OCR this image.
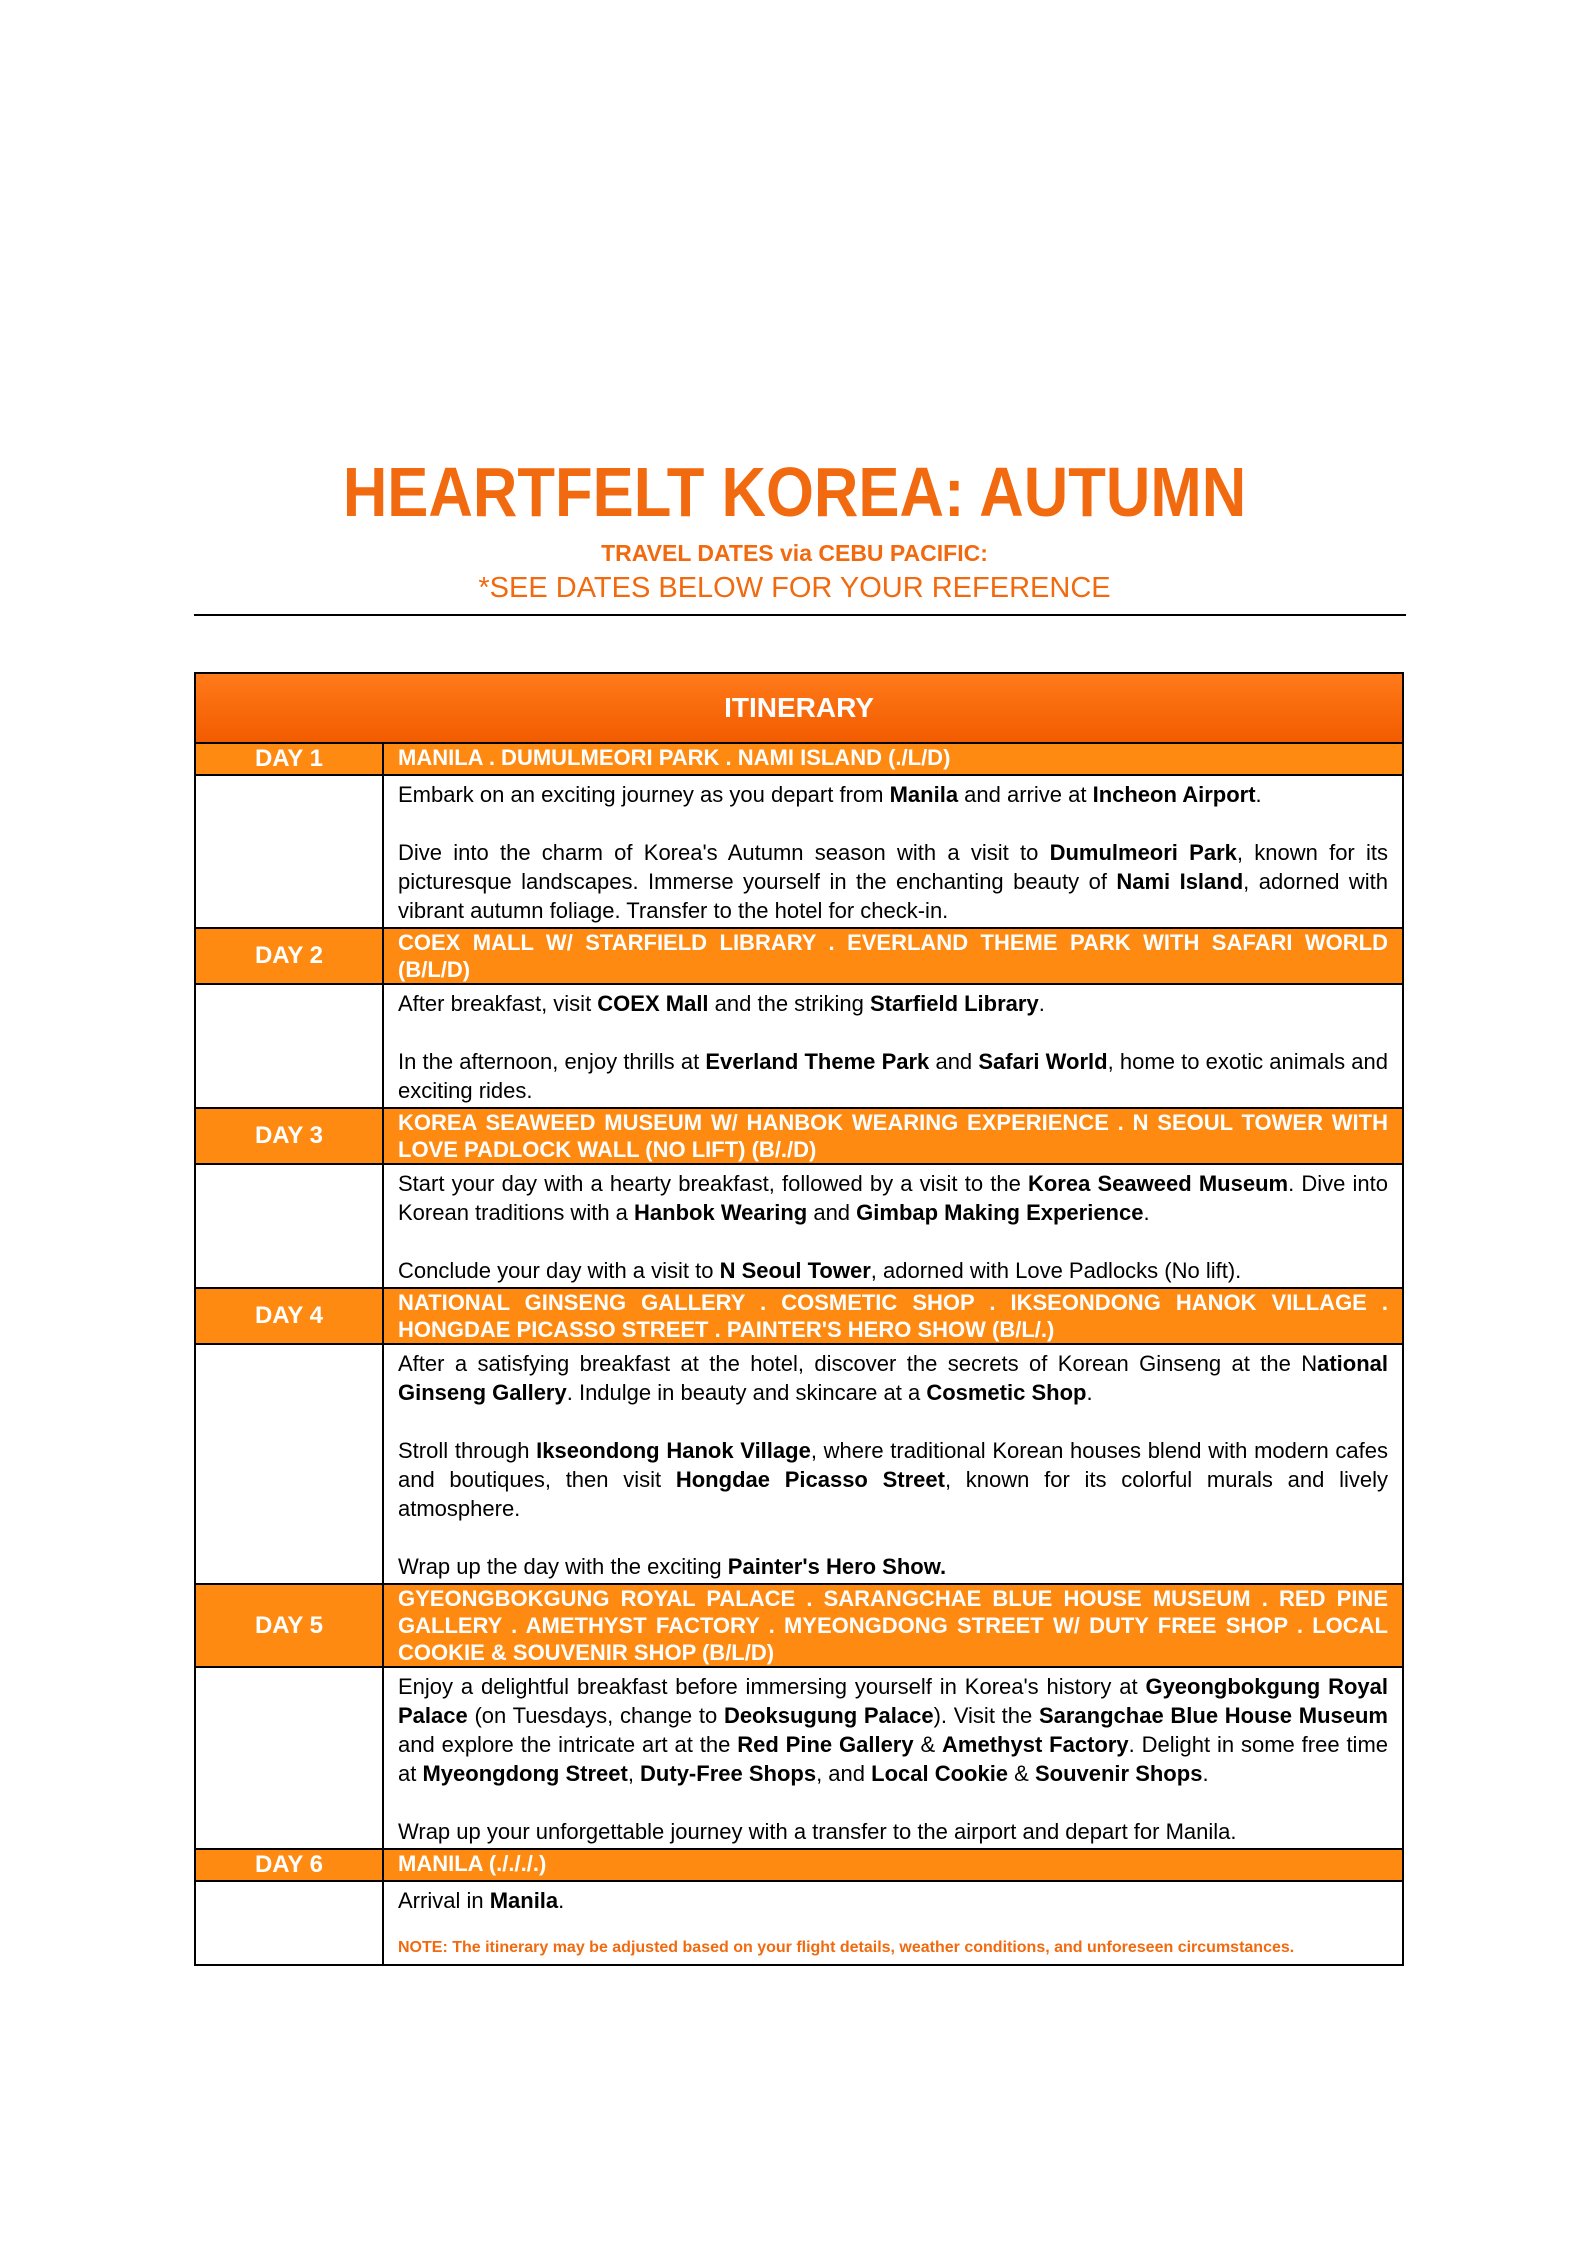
HEARTFELT KOREA: AUTUMN
TRAVEL DATES via CEBU PACIFIC:
*SEE DATES BELOW FOR YOUR REFERENCE
ITINERARY	
DAY 1	MANILA . DUMULMEORI PARK . NAMI ISLAND (./L/D)

	Embark on an exciting journey as you depart from Manila and arrive at Incheon Airport.

Dive into the charm of Korea's Autumn season with a visit to Dumulmeori Park, known for its picturesque landscapes. Immerse yourself in the enchanting beauty of Nami Island, adorned with vibrant autumn foliage. Transfer to the hotel for check-in.

DAY 2	COEX MALL W/ STARFIELD LIBRARY . EVERLAND THEME PARK WITH SAFARI WORLD (B/L/D)

	After breakfast, visit COEX Mall and the striking Starfield Library.

In the afternoon, enjoy thrills at Everland Theme Park and Safari World, home to exotic animals and exciting rides.

DAY 3	KOREA SEAWEED MUSEUM W/ HANBOK WEARING EXPERIENCE . N SEOUL TOWER WITH LOVE PADLOCK WALL (NO LIFT) (B/./D)

	Start your day with a hearty breakfast, followed by a visit to the Korea Seaweed Museum. Dive into Korean traditions with a Hanbok Wearing and Gimbap Making Experience.

Conclude your day with a visit to N Seoul Tower, adorned with Love Padlocks (No lift).

DAY 4	NATIONAL GINSENG GALLERY . COSMETIC SHOP . IKSEONDONG HANOK VILLAGE . HONGDAE PICASSO STREET . PAINTER'S HERO SHOW (B/L/.)

	After a satisfying breakfast at the hotel, discover the secrets of Korean Ginseng at the National Ginseng Gallery. Indulge in beauty and skincare at a Cosmetic Shop.

Stroll through Ikseondong Hanok Village, where traditional Korean houses blend with modern cafes and boutiques, then visit Hongdae Picasso Street, known for its colorful murals and lively atmosphere.

Wrap up the day with the exciting Painter's Hero Show.

DAY 5	GYEONGBOKGUNG ROYAL PALACE . SARANGCHAE BLUE HOUSE MUSEUM . RED PINE GALLERY . AMETHYST FACTORY . MYEONGDONG STREET W/ DUTY FREE SHOP . LOCAL COOKIE & SOUVENIR SHOP (B/L/D)

	Enjoy a delightful breakfast before immersing yourself in Korea's history at Gyeongbokgung Royal Palace (on Tuesdays, change to Deoksugung Palace). Visit the Sarangchae Blue House Museum and explore the intricate art at the Red Pine Gallery & Amethyst Factory. Delight in some free time at Myeongdong Street, Duty-Free Shops, and Local Cookie & Souvenir Shops.

Wrap up your unforgettable journey with a transfer to the airport and depart for Manila.

DAY 6	MANILA (./././.)

	Arrival in Manila.

NOTE: The itinerary may be adjusted based on your flight details, weather conditions, and unforeseen circumstances.
